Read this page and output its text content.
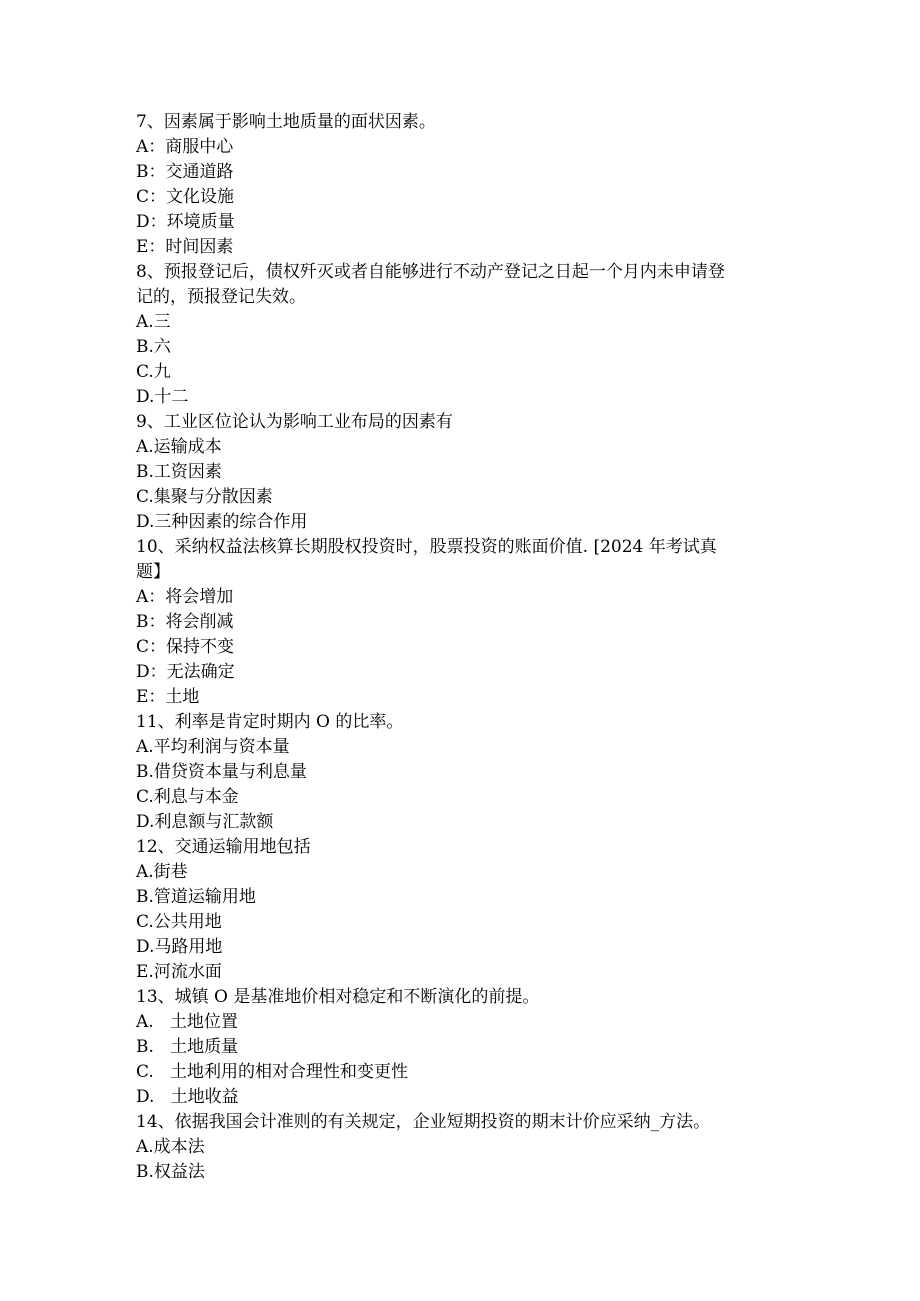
7、因素属于影响土地质量的面状因素。
A：商服中心
B：交通道路
C：文化设施
D：环境质量
E：时间因素
8、预报登记后，债权歼灭或者自能够进行不动产登记之日起一个月内未申请登
记的，预报登记失效。
A.三
B.六
C.九
D.十二
9、工业区位论认为影响工业布局的因素有
A.运输成本
B.工资因素
C.集聚与分散因素
D.三种因素的综合作用
10、采纳权益法核算长期股权投资时，股票投资的账面价值. [2024 年考试真
题】
A：将会增加
B：将会削减
C：保持不变
D：无法确定
E：土地
11、利率是肯定时期内 O 的比率。
A.平均利润与资本量
B.借贷资本量与利息量
C.利息与本金
D.利息额与汇款额
12、交通运输用地包括
A.街巷
B.管道运输用地
C.公共用地
D.马路用地
E.河流水面
13、城镇 O 是基准地价相对稳定和不断演化的前提。
A.   土地位置
B.   土地质量
C.   土地利用的相对合理性和变更性
D.   土地收益
14、依据我国会计准则的有关规定，企业短期投资的期末计价应采纳_方法。
A.成本法
B.权益法
